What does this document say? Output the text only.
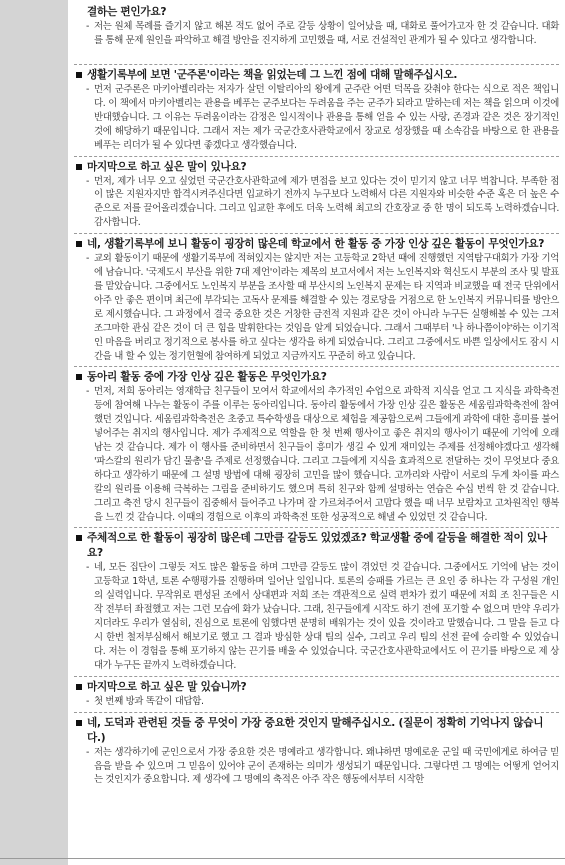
결하는 편인가요?
- 저는 원체 목례를 즐기지 않고 해본 적도 없어 주로 갈등 상황이 일어났을 때, 대화로 풀어가고자 한 것 같습니다. 대화를 통해 문제 원인을 파악하고 해결 방안을 진지하게 고민했을 때, 서로 건설적인 관계가 될 수 있다고 생각합니다.
생활기록부에 보면 '군주론'이라는 책을 읽었는데 그 느낀 점에 대해 말해주십시오.
- 먼저 군주론은 마키아벨리라는 저자가 살던 이탈리아의 왕에게 군주란 어떤 덕목을 갖춰야 한다는 식으로 적은 책입니다. 이 책에서 마키아벨리는 관용을 베푸는 군주보다는 두려움을 주는 군주가 되라고 말하는데 저는 책을 읽으며 이것에 반대했습니다. 그 이유는 두려움이라는 감정은 일시적이나 관용을 통해 얻을 수 있는 사랑, 존경과 같은 것은 장기적인 것에 해당하기 때문입니다. 그래서 저는 제가 국군간호사관학교에서 장교로 성장했을 때 소속감을 바탕으로 한 관용을 베푸는 리더가 될 수 있다면 좋겠다고 생각했습니다.
마지막으로 하고 싶은 말이 있나요?
- 먼저, 제가 너무 오고 싶었던 국군간호사관학교에 제가 면접을 보고 있다는 것이 믿기지 않고 너무 벅찹니다. 부족한 점이 많은 지원자지만 합격시켜주신다면 입교하기 전까지 누구보다 노력해서 다른 지원자와 비슷한 수준 혹은 더 높은 수준으로 저를 끌어올리겠습니다. 그리고 입교한 후에도 더욱 노력해 최고의 간호장교 중 한 명이 되도록 노력하겠습니다. 감사합니다.
네, 생활기록부에 보니 활동이 굉장히 많은데 학교에서 한 활동 중 가장 인상 깊은 활동이 무엇인가요?
- 교외 활동이기 때문에 생활기록부에 적혀있지는 않지만 저는 고등학교 2학년 때에 진행했던 지역탐구대회가 가장 기억에 남습니다. '국제도시 부산을 위한 7대 제언'이라는 제목의 보고서에서 저는 노인복지와 혁신도시 부분의 조사 및 발표를 맡았습니다. 그중에서도 노인복지 부분을 조사할 때 부산시의 노인복지 문제는 타 지역과 비교했을 때 전국 단위에서 아주 안 좋은 편이며 최근에 부각되는 고독사 문제를 해결할 수 있는 경로당을 거점으로 한 노인복지 커뮤니티를 방안으로 제시했습니다. 그 과정에서 결국 중요한 것은 거창한 금전적 지원과 같은 것이 아니라 누구든 실행해볼 수 있는 그저 조그마한 관심 같은 것이 더 큰 힘을 발휘한다는 것임을 알게 되었습니다. 그래서 그때부터 '나 하나쯤이야'하는 이기적인 마음을 버리고 정기적으로 봉사를 하고 싶다는 생각을 하게 되었습니다. 그리고 그중에서도 바쁜 일상에서도 잠시 시간을 내 할 수 있는 정기헌혈에 참여하게 되었고 지금까지도 꾸준히 하고 있습니다.
동아리 활동 중에 가장 인상 깊은 활동은 무엇인가요?
- 먼저, 저희 동아리는 영재학급 친구들이 모여서 학교에서의 추가적인 수업으로 과학적 지식을 얻고 그 지식을 과학축전 등에 참여해 나누는 활동이 주를 이루는 동아리입니다. 동아리 활동에서 가장 인상 깊은 활동은 세움림과학축전에 참여했던 것입니다. 세움림과학축전은 초중고 특수학생을 대상으로 체험을 제공함으로써 그들에게 과학에 대한 흥미를 불어넣어주는 취지의 행사입니다. 제가 주제적으로 역할을 한 첫 번째 행사이고 좋은 취지의 행사이기 때문에 기억에 오래 남는 것 같습니다. 제가 이 행사를 준비하면서 친구들이 흥미가 생길 수 있게 재미있는 주제를 선정해야겠다고 생각해 '파스칼의 원리가 담긴 물총'을 주제로 선정했습니다. 그리고 그들에게 지식을 효과적으로 전달하는 것이 무엇보다 중요하다고 생각하기 때문에 그 설명 방법에 대해 굉장히 고민을 많이 했습니다. 고까리와 사람이 서로의 두게 차이를 파스칼의 원리를 이용해 극복하는 그림을 준비하기도 했으며 특히 친구와 함께 설명하는 연습은 수십 번씩 한 것 같습니다. 그리고 축전 당시 친구들이 집중해서 들어주고 나가며 잘 가르쳐주어서 고맙다 했을 때 너무 보람차고 고차원적인 행복을 느낀 것 같습니다. 이때의 경험으로 이후의 과학축전 또한 성공적으로 해낼 수 있었던 것 같습니다.
주체적으로 한 활동이 굉장히 많은데 그만큼 갈등도 있었겠죠? 학교생활 중에 갈등을 해결한 적이 있나요?
- 네, 모든 집단이 그렇듯 저도 많은 활동을 하며 그만큼 갈등도 많이 겪었던 것 같습니다. 그중에서도 기억에 남는 것이 고등학교 1학년, 토론 수행평가를 진행하며 일어난 일입니다. 토론의 승패를 가르는 큰 요인 중 하나는 각 구성원 개인의 실력입니다. 무작위로 편성된 조에서 상대편과 저희 조는 객관적으로 실력 편차가 컸기 때문에 저희 조 친구들은 시작 전부터 좌절했고 저는 그런 모습에 화가 났습니다. 그래, 친구들에게 시작도 하기 전에 포기할 수 없으며 만약 우리가 지더라도 우리가 열심히, 진심으로 토론에 임했다면 분명히 배워가는 것이 있을 것이라고 말했습니다. 그 말을 듣고 다시 한번 철저부심해서 해보기로 했고 그 결과 방심한 상대 팀의 실수, 그리고 우리 팀의 선전 끝에 승리할 수 있었습니다. 저는 이 경험을 통해 포기하지 않는 끈기를 배울 수 있었습니다. 국군간호사관학교에서도 이 끈기를 바탕으로 제 상대가 누구든 끝까지 노력하겠습니다.
마지막으로 하고 싶은 말 있습니까?
- 첫 번째 방과 똑같이 대답함.
네, 도덕과 관련된 것들 중 무엇이 가장 중요한 것인지 말해주십시오. (질문이 정확히 기억나지 않습니다.)
- 저는 생각하기에 군인으로서 가장 중요한 것은 명예라고 생각합니다. 왜냐하면 명예로운 군일 때 국민에게로 하여금 믿음을 받을 수 있으며 그 믿음이 있어야 군이 존재하는 의미가 생성되기 때문입니다. 그렇다면 그 명예는 어떻게 얻어지는 것인지가 중요합니다. 제 생각에 그 명예의 축적은 아주 작은 행동에서부터 시작한
